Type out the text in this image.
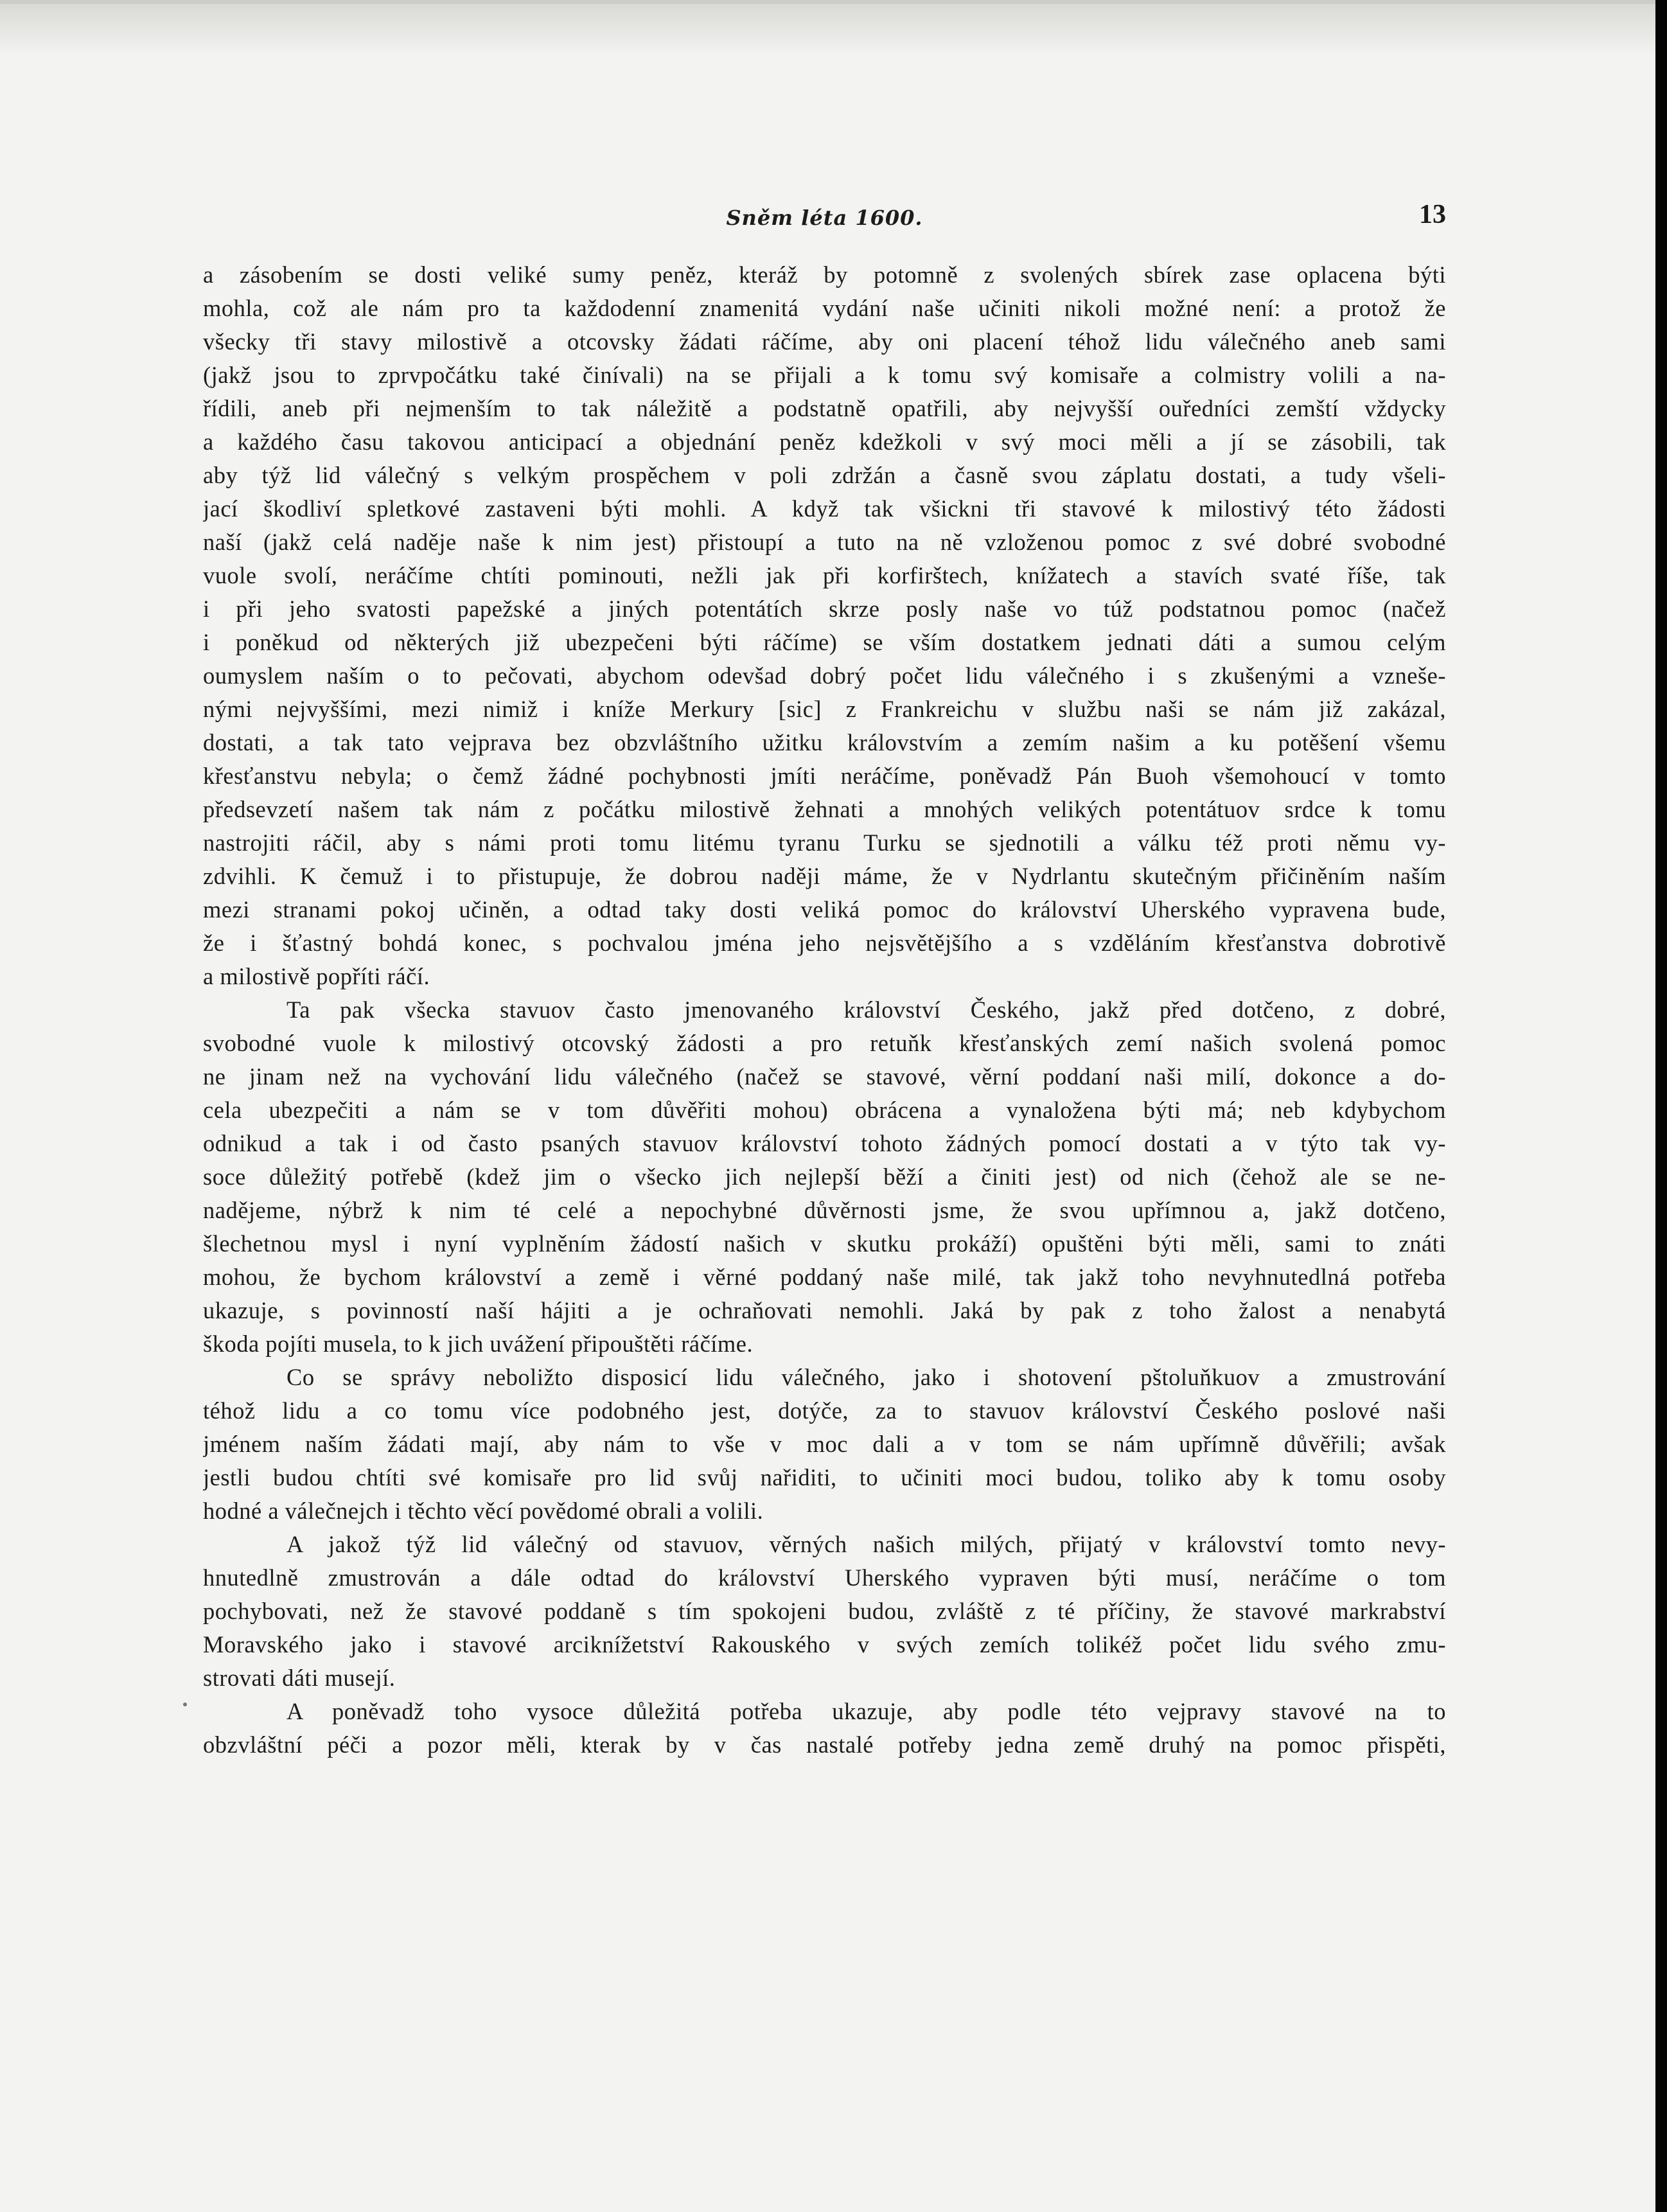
Sněm léta 1600.	13
a zásobením se dosti veliké sumy peněz, kteráž by potomně z svolených sbírek zase oplacena býti
mohla, což ale nám pro ta každodenní znamenitá vydání naše učiniti nikoli možné není: a protož že
všecky tři stavy milostivě a otcovsky žádati ráčíme, aby oni placení téhož lidu válečného aneb sami
(jakž jsou to zprvpočátku také činívali) na se přijali a k tomu svý komisaře a colmistry volili a na-
řídili, aneb při nejmenším to tak náležitě a podstatně opatřili, aby nejvyšší ouředníci zemští vždycky
a každého času takovou anticipací a objednání peněz kdežkoli v svý moci měli a jí se zásobili, tak
aby týž lid válečný s velkým prospěchem v poli zdržán a časně svou záplatu dostati, a tudy všeli-
jací škodliví spletkové zastaveni býti mohli. A když tak všickni tři stavové k milostivý této žádosti
naší (jakž celá naděje naše k nim jest) přistoupí a tuto na ně vzloženou pomoc z své dobré svobodné
vuole svolí, neráčíme chtíti pominouti, nežli jak při korfirštech, knížatech a stavích svaté říše, tak
i při jeho svatosti papežské a jiných potentátích skrze posly naše vo túž podstatnou pomoc (načež
i poněkud od některých již ubezpečeni býti ráčíme) se vším dostatkem jednati dáti a sumou celým
oumyslem naším o to pečovati, abychom odevšad dobrý počet lidu válečného i s zkušenými a vzneše-
nými nejvyššími, mezi nimiž i kníže Merkury [sic] z Frankreichu v službu naši se nám již zakázal,
dostati, a tak tato vejprava bez obzvláštního užitku královstvím a zemím našim a ku potěšení všemu
křesťanstvu nebyla; o čemž žádné pochybnosti jmíti neráčíme, poněvadž Pán Buoh všemohoucí v tomto
předsevzetí našem tak nám z počátku milostivě žehnati a mnohých velikých potentátuov srdce k tomu
nastrojiti ráčil, aby s námi proti tomu litému tyranu Turku se sjednotili a válku též proti němu vy-
zdvihli. K čemuž i to přistupuje, že dobrou naději máme, že v Nydrlantu skutečným přičiněním naším
mezi stranami pokoj učiněn, a odtad taky dosti veliká pomoc do království Uherského vypravena bude,
že i šťastný bohdá konec, s pochvalou jména jeho nejsvětějšího a s vzděláním křesťanstva dobrotivě
a milostivě popříti ráčí.
Ta pak všecka stavuov často jmenovaného království Českého, jakž před dotčeno, z dobré,
svobodné vuole k milostivý otcovský žádosti a pro retuňk křesťanských zemí našich svolená pomoc
ne jinam než na vychování lidu válečného (načež se stavové, věrní poddaní naši milí, dokonce a do-
cela ubezpečiti a nám se v tom důvěřiti mohou) obrácena a vynaložena býti má; neb kdybychom
odnikud a tak i od často psaných stavuov království tohoto žádných pomocí dostati a v týto tak vy-
soce důležitý potřebě (kdež jim o všecko jich nejlepší běží a činiti jest) od nich (čehož ale se ne-
nadějeme, nýbrž k nim té celé a nepochybné důvěrnosti jsme, že svou upřímnou a, jakž dotčeno,
šlechetnou mysl i nyní vyplněním žádostí našich v skutku prokáží) opuštěni býti měli, sami to znáti
mohou, že bychom království a země i věrné poddaný naše milé, tak jakž toho nevyhnutedlná potřeba
ukazuje, s povinností naší hájiti a je ochraňovati nemohli. Jaká by pak z toho žalost a nenabytá
škoda pojíti musela, to k jich uvážení připouštěti ráčíme.
Co se správy neboližto disposicí lidu válečného, jako i shotovení pštoluňkuov a zmustrování
téhož lidu a co tomu více podobného jest, dotýče, za to stavuov království Českého poslové naši
jménem naším žádati mají, aby nám to vše v moc dali a v tom se nám upřímně důvěřili; avšak
jestli budou chtíti své komisaře pro lid svůj nařiditi, to učiniti moci budou, toliko aby k tomu osoby
hodné a válečnejch i těchto věcí povědomé obrali a volili.
A jakož týž lid válečný od stavuov, věrných našich milých, přijatý v království tomto nevy-
hnutedlně zmustrován a dále odtad do království Uherského vypraven býti musí, neráčíme o tom
pochybovati, než že stavové poddaně s tím spokojeni budou, zvláště z té příčiny, že stavové markrabství
Moravského jako i stavové arciknížetství Rakouského v svých zemích tolikéž počet lidu svého zmu-
strovati dáti musejí.
A poněvadž toho vysoce důležitá potřeba ukazuje, aby podle této vejpravy stavové na to
obzvláštní péči a pozor měli, kterak by v čas nastalé potřeby jedna země druhý na pomoc přispěti,
